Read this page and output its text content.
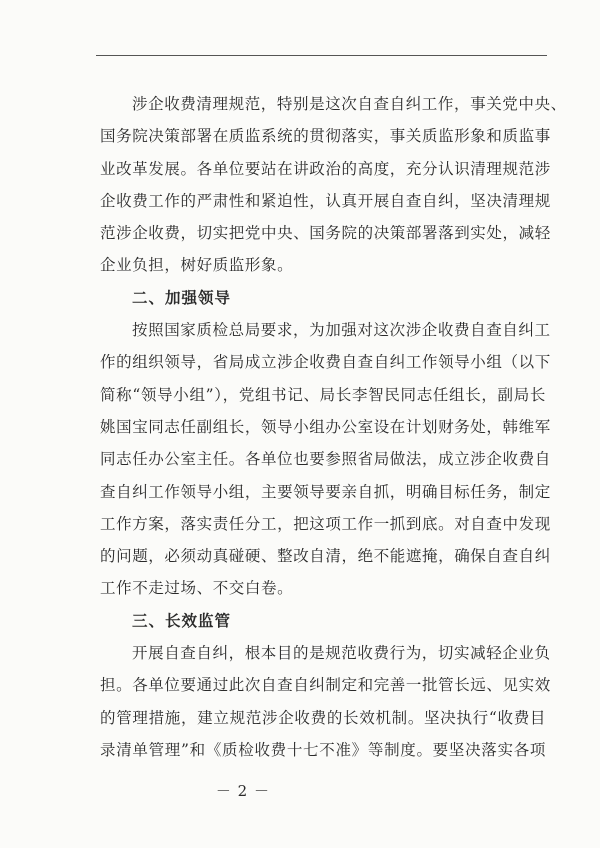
涉企收费清理规范，特别是这次自查自纠工作，事关党中央、
国务院决策部署在质监系统的贯彻落实，事关质监形象和质监事
业改革发展。各单位要站在讲政治的高度，充分认识清理规范涉
企收费工作的严肃性和紧迫性，认真开展自查自纠，坚决清理规
范涉企收费，切实把党中央、国务院的决策部署落到实处，减轻
企业负担，树好质监形象。
二、加强领导
按照国家质检总局要求，为加强对这次涉企收费自查自纠工
作的组织领导，省局成立涉企收费自查自纠工作领导小组（以下
简称“领导小组”），党组书记、局长李智民同志任组长，副局长
姚国宝同志任副组长，领导小组办公室设在计划财务处，韩维军
同志任办公室主任。各单位也要参照省局做法，成立涉企收费自
查自纠工作领导小组，主要领导要亲自抓，明确目标任务，制定
工作方案，落实责任分工，把这项工作一抓到底。对自查中发现
的问题，必须动真碰硬、整改自清，绝不能遮掩，确保自查自纠
工作不走过场、不交白卷。
三、长效监管
开展自查自纠，根本目的是规范收费行为，切实减轻企业负
担。各单位要通过此次自查自纠制定和完善一批管长远、见实效
的管理措施，建立规范涉企收费的长效机制。坚决执行“收费目
录清单管理”和《质检收费十七不准》等制度。要坚决落实各项
－ 2 －
